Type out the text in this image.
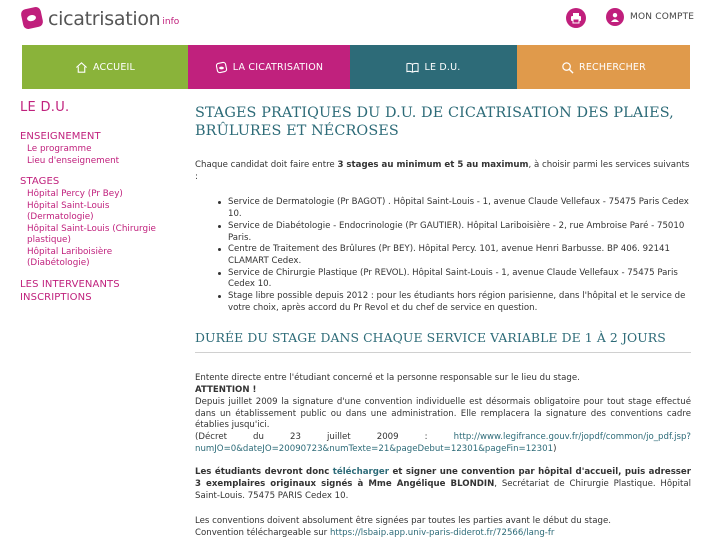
cicatrisation info	MON COMPTE
ACCUEIL	LA CICATRISATION	LE D.U.	RECHERCHER
LE D.U.
ENSEIGNEMENT
Le programme
Lieu d'enseignement
STAGES
Hôpital Percy (Pr Bey)
Hôpital Saint-Louis
(Dermatologie)
Hôpital Saint-Louis (Chirurgie
plastique)
Hôpital Lariboisière
(Diabétologie)
LES INTERVENANTS
INSCRIPTIONS
STAGES PRATIQUES DU D.U. DE CICATRISATION DES PLAIES,
BRÛLURES ET NÉCROSES
Chaque candidat doit faire entre 3 stages au minimum et 5 au maximum, à choisir parmi les services suivants :
Service de Dermatologie (Pr BAGOT) . Hôpital Saint-Louis - 1, avenue Claude Vellefaux - 75475 Paris Cedex 10.
Service de Diabétologie - Endocrinologie (Pr GAUTIER). Hôpital Lariboisière - 2, rue Ambroise Paré - 75010 Paris.
Centre de Traitement des Brûlures (Pr BEY). Hôpital Percy. 101, avenue Henri Barbusse. BP 406. 92141 CLAMART Cedex.
Service de Chirurgie Plastique (Pr REVOL). Hôpital Saint-Louis - 1, avenue Claude Vellefaux - 75475 Paris Cedex 10.
Stage libre possible depuis 2012 : pour les étudiants hors région parisienne, dans l'hôpital et le service de votre choix, après accord du Pr Revol et du chef de service en question.
DURÉE DU STAGE DANS CHAQUE SERVICE VARIABLE DE 1 À 2 JOURS
Entente directe entre l'étudiant concerné et la personne responsable sur le lieu du stage.
ATTENTION !
Depuis juillet 2009 la signature d'une convention individuelle est désormais obligatoire pour tout stage effectué dans un établissement public ou dans une administration. Elle remplacera la signature des conventions cadre établies jusqu'ici.
(Décret	du	23	juillet	2009	:	http://www.legifrance.gouv.fr/jopdf/common/jo_pdf.jsp?
numJO=0&dateJO=20090723&numTexte=21&pageDebut=12301&pageFin=12301)
Les étudiants devront donc télécharger et signer une convention par hôpital d'accueil, puis adresser 3 exemplaires originaux signés à Mme Angélique BLONDIN, Secrétariat de Chirurgie Plastique. Hôpital Saint-Louis. 75475 PARIS Cedex 10.
Les conventions doivent absolument être signées par toutes les parties avant le début du stage.
Convention téléchargeable sur https://lsbaip.app.univ-paris-diderot.fr/72566/lang-fr
